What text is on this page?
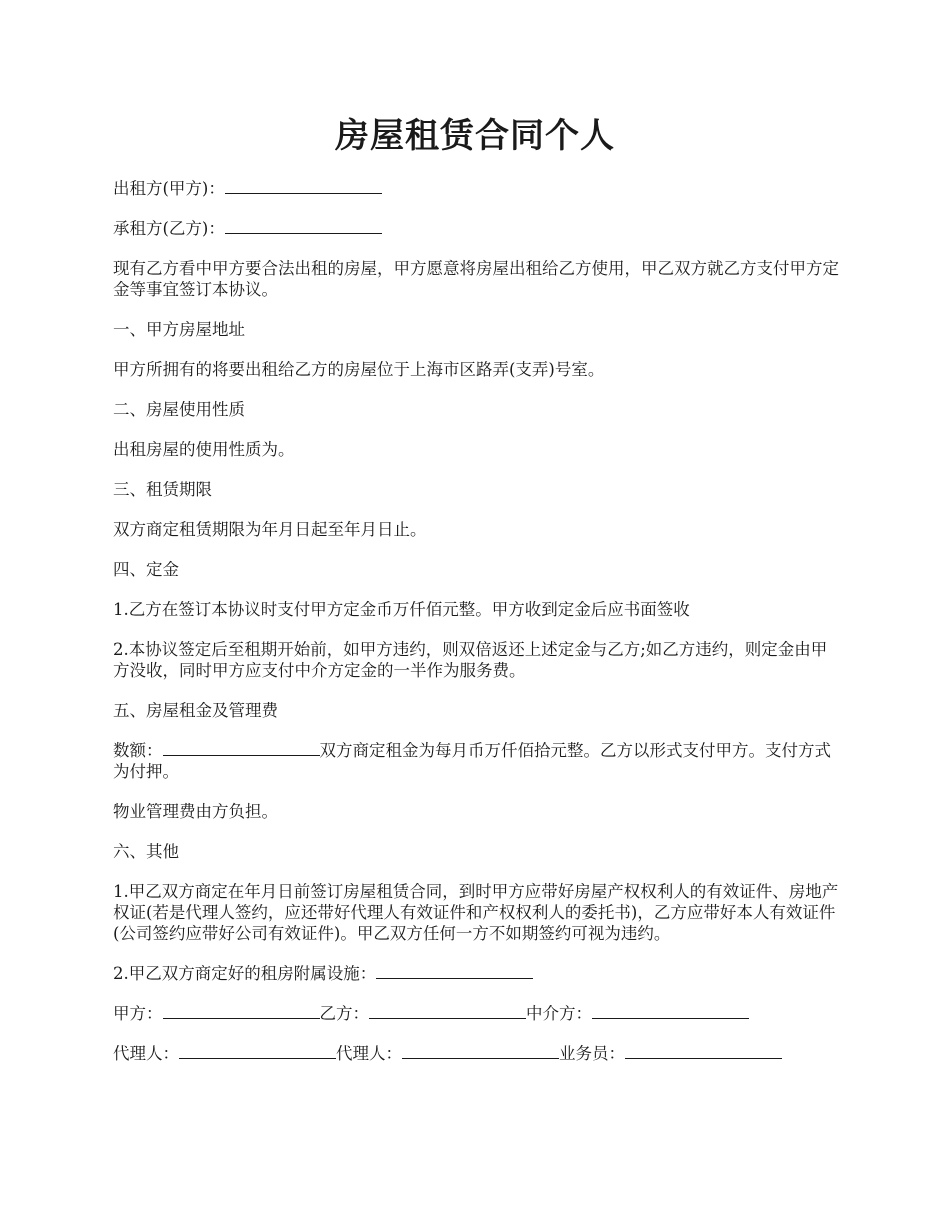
房屋租赁合同个人

出租方(甲方)：

承租方(乙方)：

现有乙方看中甲方要合法出租的房屋，甲方愿意将房屋出租给乙方使用，甲乙双方就乙方支付甲方定金等事宜签订本协议。

一、甲方房屋地址

甲方所拥有的将要出租给乙方的房屋位于上海市区路弄(支弄)号室。

二、房屋使用性质

出租房屋的使用性质为。

三、租赁期限

双方商定租赁期限为年月日起至年月日止。

四、定金

1.乙方在签订本协议时支付甲方定金币万仟佰元整。甲方收到定金后应书面签收

2.本协议签定后至租期开始前，如甲方违约，则双倍返还上述定金与乙方;如乙方违约，则定金由甲方没收，同时甲方应支付中介方定金的一半作为服务费。

五、房屋租金及管理费

数额：	双方商定租金为每月币万仟佰拾元整。乙方以形式支付甲方。支付方式为付押。

物业管理费由方负担。

六、其他

1.甲乙双方商定在年月日前签订房屋租赁合同，到时甲方应带好房屋产权权利人的有效证件、房地产权证(若是代理人签约，应还带好代理人有效证件和产权权利人的委托书)，乙方应带好本人有效证件(公司签约应带好公司有效证件)。甲乙双方任何一方不如期签约可视为违约。

2.甲乙双方商定好的租房附属设施：

甲方：	乙方：	中介方：

代理人：	代理人：	业务员：
